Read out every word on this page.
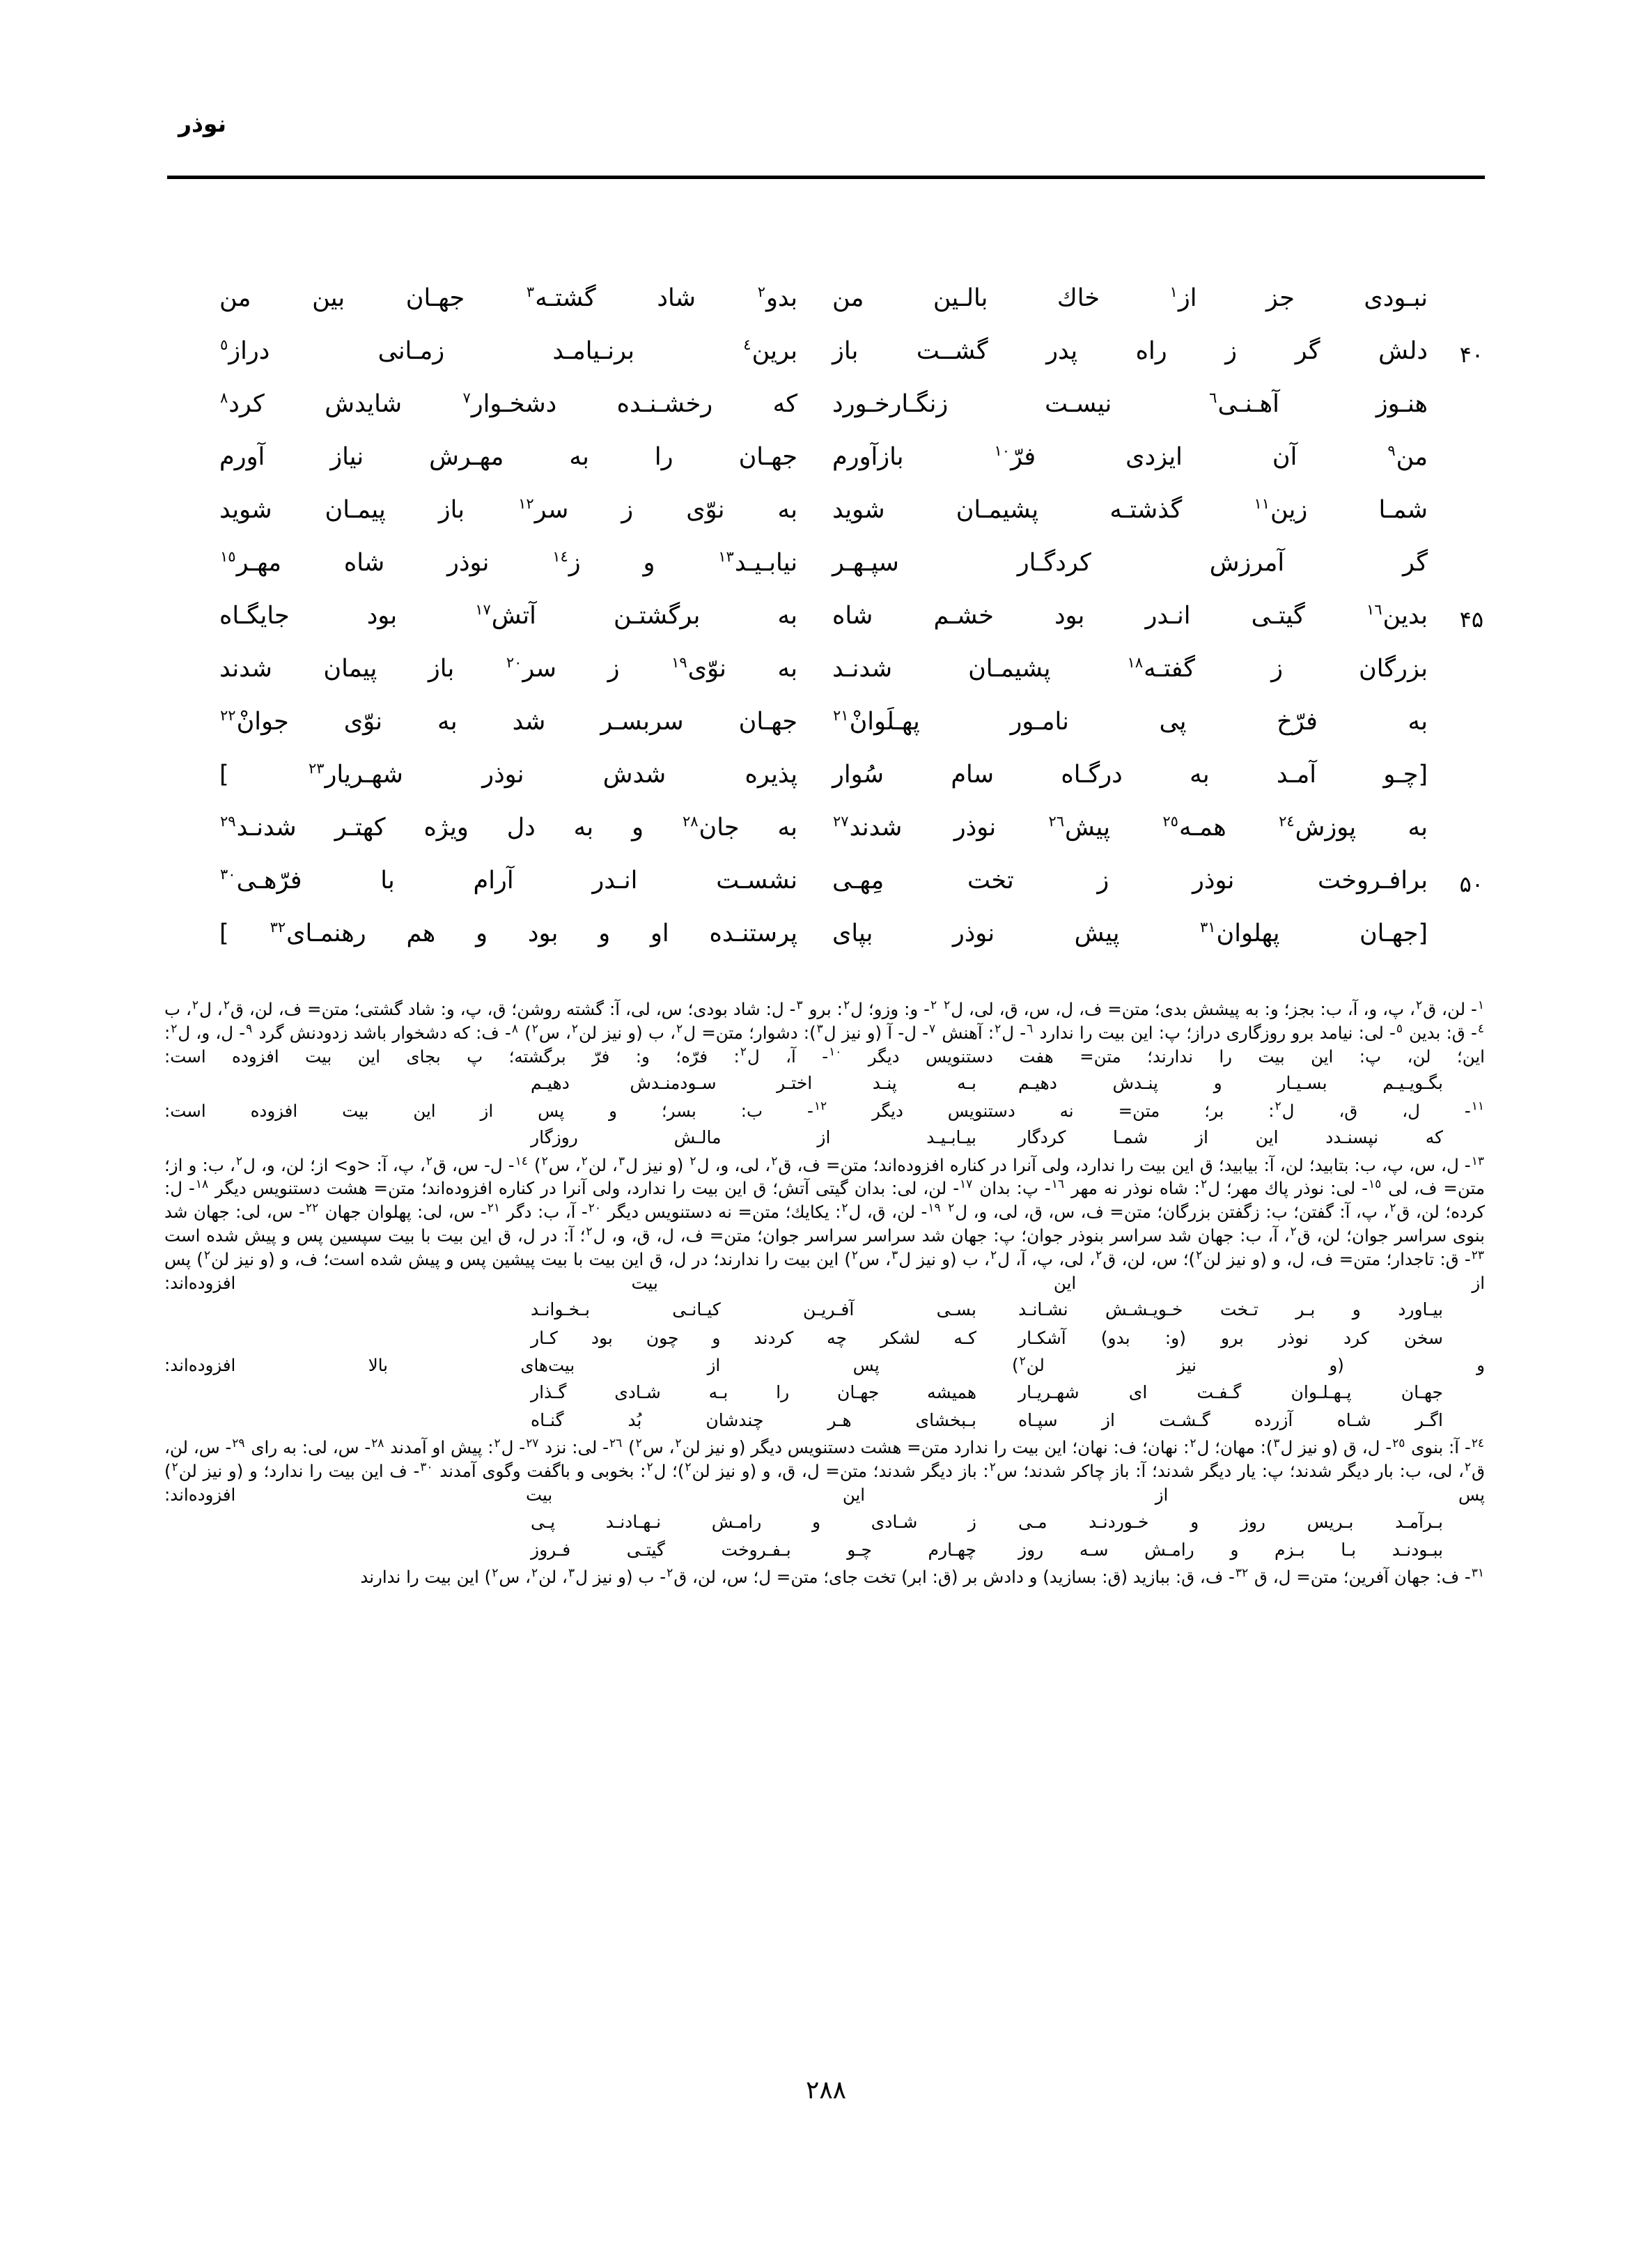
نوذر
نبـودی جز از$^١$ خاك بالـين من
بدو$^٢$ شاد گشتـه$^٣$ جهـان بين من
۴۰
دلش گر ز راه پدر گشــت باز
برين$^٤$ برنـيامـد زمـانی دراز$^٥$
هنـوز آهـنـی$^٦$ نيسـت زنگـارخـورد
که رخشـنـده دشخـوار$^٧$ شايدش کرد$^٨$
من$^٩$ آن ايزدی فرّ$^{١٠}$ بازآورم
جهـان را به مهـرش نياز آورم
شمـا زين$^{١١}$ گذشتـه پشيمـان شويد
به نوّی ز سر$^{١٢}$ باز پيمـان شويد
گر آمرزش کردگـار سپـهـر
نيابـيـد$^{١٣}$ و ز$^{١٤}$ نوذر شاه مهـر$^{١٥}$
۴۵
بدين$^{١٦}$ گيتـی انـدر بود خشـم شاه
به برگشتـن آتش$^{١٧}$ بود جايگـاه
بزرگان ز گفتـه$^{١٨}$ پشيمـان شدنـد
به نوّی$^{١٩}$ ز سر$^{٢٠}$ باز پيمان شدند
به فرّخ پی نامـور پهـلَوانْ$^{٢١}$
جهـان سربسـر شد به نوّی جوانْ$^{٢٢}$
[چـو آمـد به درگـاه سام سُوار
پذيره شدش نوذر شهـريار$^{٢٣}$ ]
به پوزش$^{٢٤}$ همـه$^{٢٥}$ پيش$^{٢٦}$ نوذر شدند$^{٢٧}$
به جان$^{٢٨}$ و به دل ويژه کهتـر شدنـد$^{٢٩}$
۵۰
برافـروخت نوذر ز تخت مِهـی
نشسـت انـدر آرام با فرّهـی$^{٣٠}$
[جهـان پهلوان$^{٣١}$ پيش نوذر بپای
پرستنـده او و بود و هم رهنمـای$^{٣٢}$ ]

$^١$- لن، ق$^٢$، پ، و، آ، ب: بجز؛ و: به پيشش بدی؛ متن= ف، ل، س، ق، لی، ل$^٢$ $^٢$- و: وزو؛ ل$^٢$: برو $^٣$- ل: شاد بودی؛ س، لی، آ: گشته روشن؛ ق، پ، و: شاد گشتی؛ متن= ف، لن، ق$^٢$، ل$^٢$، ب $^٤$- ق: بدين $^٥$- لی: نيامد برو روزگاری دراز؛ پ: اين بيت را ندارد $^٦$- ل$^٢$: آهنش $^٧$- ل- آ (و نيز ل$^٣$): دشوار؛ متن= ل$^٢$، ب (و نيز لن$^٢$، س$^٢$) $^٨$- ف: که دشخوار باشد زدودنش گرد $^٩$- ل، و، ل$^٢$: اين؛ لن، پ: اين بيت را ندارند؛ متن= هفت دستنويس ديگر $^{١٠}$- آ، ل$^٢$: فرّه؛ و: فرّ برگشته؛ پ بجای اين بيت افزوده است:

بگـويـيـم بسـيـار و پنـدش دهيـم
بـه پنـد اختـر سـودمنـدش دهيـم

$^{١١}$- ل، ق، ل$^٢$: بر؛ متن= نه دستنويس ديگر $^{١٢}$- ب: بسر؛ و پس از اين بيت افزوده است:

که نپسنـدد اين از شمـا کردگار
بيـابـيـد از مالـش روزگار

$^{١٣}$- ل، س، پ، ب: بتابيد؛ لن، آ: بيابيد؛ ق اين بيت را ندارد، ولی آنرا در کناره افزوده‌اند؛ متن= ف، ق$^٢$، لی، و، ل$^٢$ (و نيز ل$^٣$، لن$^٢$، س$^٢$) $^{١٤}$- ل- س، ق$^٢$، پ، آ: <و> از؛ لن، و، ل$^٢$، ب: و از؛ متن= ف، لی $^{١٥}$- لی: نوذر پاك مهر؛ ل$^٢$: شاه نوذر نه مهر $^{١٦}$- پ: بدان $^{١٧}$- لن، لی: بدان گيتی آتش؛ ق اين بيت را ندارد، ولی آنرا در کناره افزوده‌اند؛ متن= هشت دستنويس ديگر $^{١٨}$- ل: کرده؛ لن، ق$^٢$، پ، آ: گفتن؛ ب: زگفتن بزرگان؛ متن= ف، س، ق، لی، و، ل$^٢$ $^{١٩}$- لن، ق، ل$^٢$: يکايك؛ متن= نه دستنويس ديگر $^{٢٠}$- آ، ب: دگر $^{٢١}$- س، لی: پهلوان جهان $^{٢٢}$- س، لی: جهان شد بنوی سراسر جوان؛ لن، ق$^٢$، آ، ب: جهان شد سراسر بنوذر جوان؛ پ: جهان شد سراسر سراسر جوان؛ متن= ف، ل، ق، و، ل$^٢$؛ آ: در ل، ق اين بيت با بيت سپسين پس و پيش شده است $^{٢٣}$- ق: تاجدار؛ متن= ف، ل، و (و نيز لن$^٢$)؛ س، لن، ق$^٢$، لی، پ، آ، ل$^٢$، ب (و نيز ل$^٣$، س$^٢$) اين بيت را ندارند؛ در ل، ق اين بيت با بيت پيشين پس و پيش شده است؛ ف، و (و نيز لن$^٢$) پس از اين بيت افزوده‌اند:

بيـاورد و بـر تـخت خـويـشـش نشـانـد
بسـی آفـريـن کيـانـی بـخـوانـد
سخن کرد نوذر برو (و: بدو) آشکـار
کـه لشکر چه کردند و چون بود کـار

و (و نيز لن$^٢$) پس از بيت‌های بالا افزوده‌اند:

جهـان پـهـلـوان گـفـت ای شهـريـار
هميشه جهـان را بـه شـادی گـذار
اگـر شـاه آزرده گـشـت از سپـاه
بـبخشای هـر چندشان بُد گنـاه

$^{٢٤}$- آ: بنوی $^{٢٥}$- ل، ق (و نيز ل$^٣$): مهان؛ ل$^٢$: نهان؛ ف: نهان؛ اين بيت را ندارد متن= هشت دستنويس ديگر (و نيز لن$^٢$، س$^٢$) $^{٢٦}$- لی: نزد $^{٢٧}$- ل$^٢$: پيش او آمدند $^{٢٨}$- س، لی: به رای $^{٢٩}$- س، لن، ق$^٢$، لی، ب: بار ديگر شدند؛ پ: يار ديگر شدند؛ آ: باز چاکر شدند؛ س$^٢$: باز ديگر شدند؛ متن= ل، ق، و (و نيز لن$^٢$)؛ ل$^٢$: بخوبی و باگفت وگوی آمدند $^{٣٠}$- ف اين بيت را ندارد؛ و (و نيز لن$^٢$) پس از اين بيت افزوده‌اند:

بـرآمـد بـريس روز و خـوردنـد مـی
ز شـادی و رامـش نـهـادنـد پـی
ببـودنـد بـا بـزم و رامـش سـه روز
چهـارم چـو بـفـروخت گيتـی فـروز

$^{٣١}$- ف: جهان آفرين؛ متن= ل، ق $^{٣٢}$- ف، ق: ببازيد (ق: بسازيد) و دادش بر (ق: ابر) تخت جای؛ متن= ل؛ س، لن، ق$^٢$- ب (و نيز ل$^٣$، لن$^٢$، س$^٢$) اين بيت را ندارند

۲۸۸
